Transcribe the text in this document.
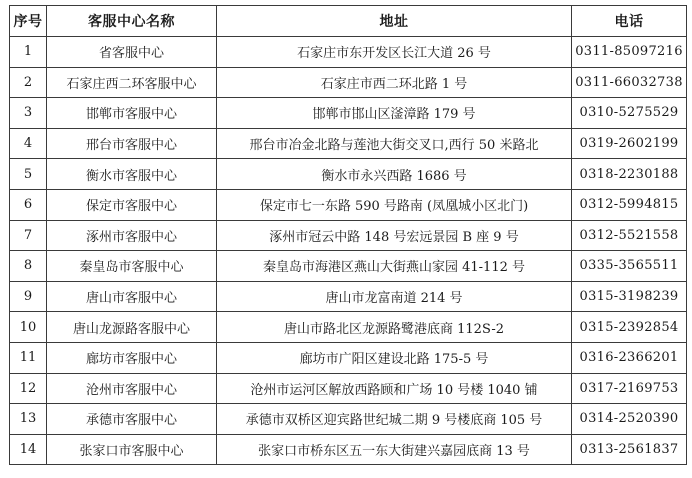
序号	客服中心名称	地址	电话
1	省客服中心	石家庄市东开发区长江大道 26 号	0311-85097216
2	石家庄西二环客服中心	石家庄市西二环北路 1 号	0311-66032738
3	邯郸市客服中心	邯郸市邯山区滏漳路 179 号	0310-5275529
4	邢台市客服中心	邢台市冶金北路与莲池大街交叉口,西行 50 米路北	0319-2602199
5	衡水市客服中心	衡水市永兴西路 1686 号	0318-2230188
6	保定市客服中心	保定市七一东路 590 号路南 (凤凰城小区北门)	0312-5994815
7	涿州市客服中心	涿州市冠云中路 148 号宏远景园 B 座 9 号	0312-5521558
8	秦皇岛市客服中心	秦皇岛市海港区燕山大街燕山家园 41-112 号	0335-3565511
9	唐山市客服中心	唐山市龙富南道 214 号	0315-3198239
10	唐山龙源路客服中心	唐山市路北区龙源路鹭港底商 112S-2	0315-2392854
11	廊坊市客服中心	廊坊市广阳区建设北路 175-5 号	0316-2366201
12	沧州市客服中心	沧州市运河区解放西路顾和广场 10 号楼 1040 铺	0317-2169753
13	承德市客服中心	承德市双桥区迎宾路世纪城二期 9 号楼底商 105 号	0314-2520390
14	张家口市客服中心	张家口市桥东区五一东大街建兴嘉园底商 13 号	0313-2561837
